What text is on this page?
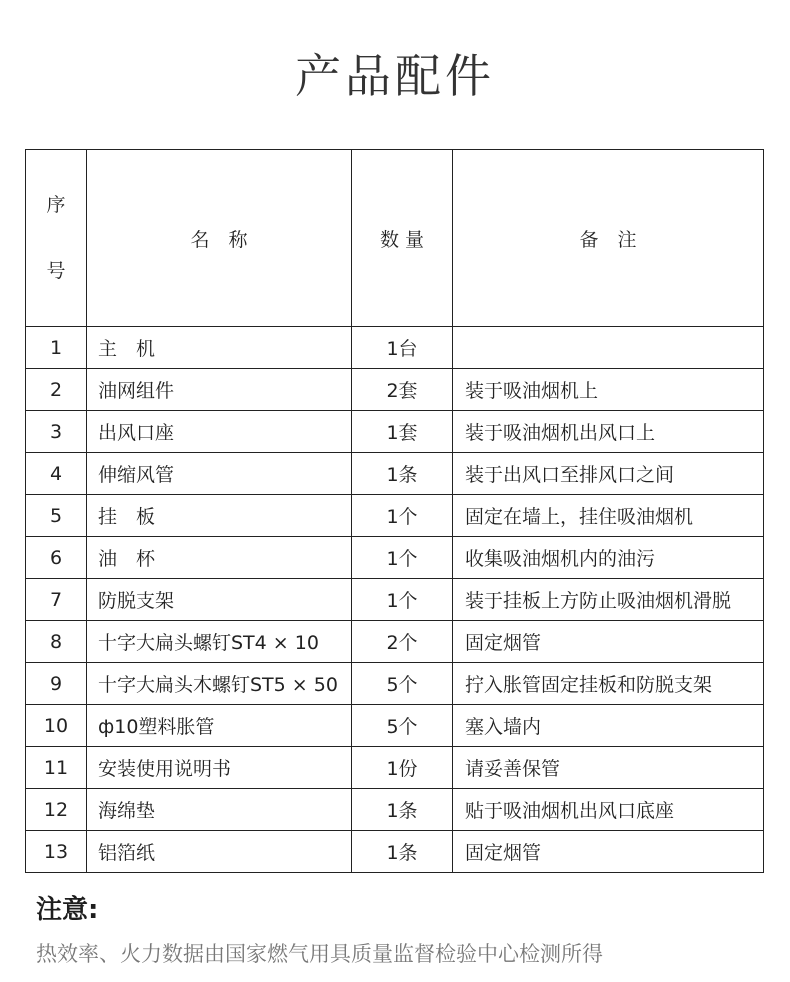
产品配件

序

号	名　称	数 量	备　注
1	主　机	1台	
2	油网组件	2套	装于吸油烟机上
3	出风口座	1套	装于吸油烟机出风口上
4	伸缩风管	1条	装于出风口至排风口之间
5	挂　板	1个	固定在墙上，挂住吸油烟机
6	油　杯	1个	收集吸油烟机内的油污
7	防脱支架	1个	装于挂板上方防止吸油烟机滑脱
8	十字大扁头螺钉ST4 × 10	2个	固定烟管
9	十字大扁头木螺钉ST5 × 50	5个	拧入胀管固定挂板和防脱支架
10	ф10塑料胀管	5个	塞入墙内
11	安装使用说明书	1份	请妥善保管
12	海绵垫	1条	贴于吸油烟机出风口底座
13	铝箔纸	1条	固定烟管
注意:
热效率、火力数据由国家燃气用具质量监督检验中心检测所得
